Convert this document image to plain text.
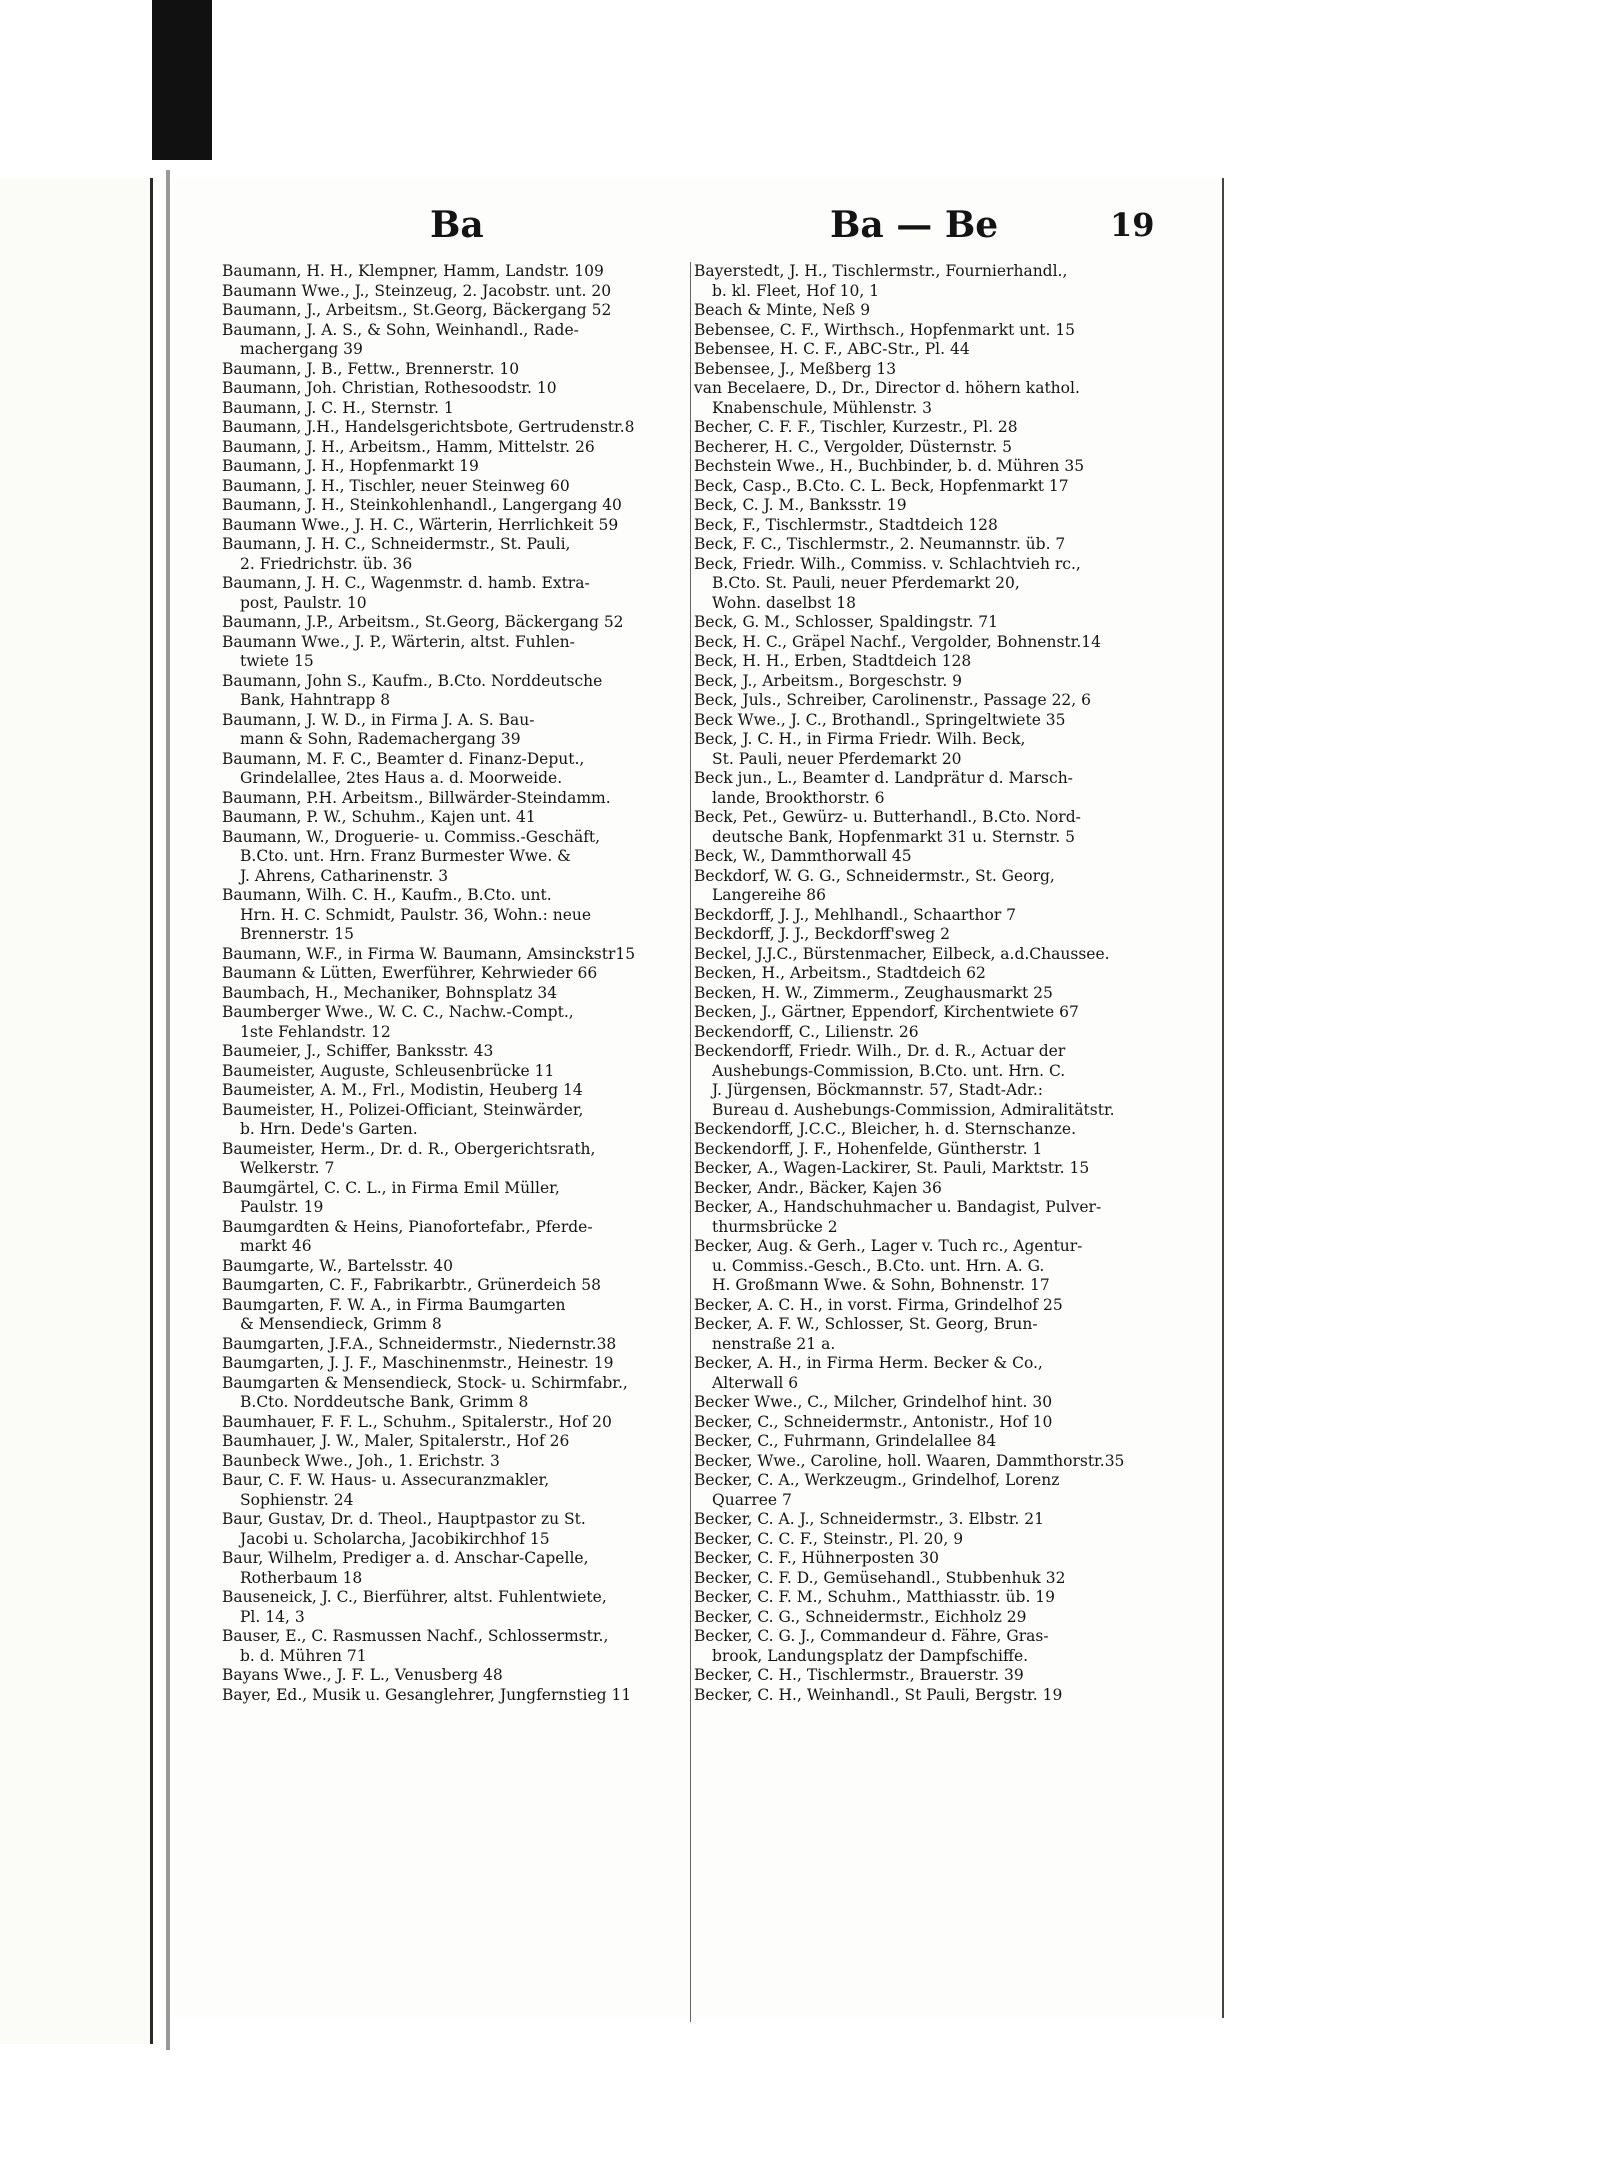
Ba	Ba — Be	19
Baumann, H. H., Klempner, Hamm, Landstr. 109
Baumann Wwe., J., Steinzeug, 2. Jacobstr. unt. 20
Baumann, J., Arbeitsm., St.Georg, Bäckergang 52
Baumann, J. A. S., & Sohn, Weinhandl., Rade-
machergang 39
Baumann, J. B., Fettw., Brennerstr. 10
Baumann, Joh. Christian, Rothesoodstr. 10
Baumann, J. C. H., Sternstr. 1
Baumann, J.H., Handelsgerichtsbote, Gertrudenstr.8
Baumann, J. H., Arbeitsm., Hamm, Mittelstr. 26
Baumann, J. H., Hopfenmarkt 19
Baumann, J. H., Tischler, neuer Steinweg 60
Baumann, J. H., Steinkohlenhandl., Langergang 40
Baumann Wwe., J. H. C., Wärterin, Herrlichkeit 59
Baumann, J. H. C., Schneidermstr., St. Pauli,
2. Friedrichstr. üb. 36
Baumann, J. H. C., Wagenmstr. d. hamb. Extra-
post, Paulstr. 10
Baumann, J.P., Arbeitsm., St.Georg, Bäckergang 52
Baumann Wwe., J. P., Wärterin, altst. Fuhlen-
twiete 15
Baumann, John S., Kaufm., B.Cto. Norddeutsche
Bank, Hahntrapp 8
Baumann, J. W. D., in Firma J. A. S. Bau-
mann & Sohn, Rademachergang 39
Baumann, M. F. C., Beamter d. Finanz-Deput.,
Grindelallee, 2tes Haus a. d. Moorweide.
Baumann, P.H. Arbeitsm., Billwärder-Steindamm.
Baumann, P. W., Schuhm., Kajen unt. 41
Baumann, W., Droguerie- u. Commiss.-Geschäft,
B.Cto. unt. Hrn. Franz Burmester Wwe. &
J. Ahrens, Catharinenstr. 3
Baumann, Wilh. C. H., Kaufm., B.Cto. unt.
Hrn. H. C. Schmidt, Paulstr. 36, Wohn.: neue
Brennerstr. 15
Baumann, W.F., in Firma W. Baumann, Amsinckstr15
Baumann & Lütten, Ewerführer, Kehrwieder 66
Baumbach, H., Mechaniker, Bohnsplatz 34
Baumberger Wwe., W. C. C., Nachw.-Compt.,
1ste Fehlandstr. 12
Baumeier, J., Schiffer, Banksstr. 43
Baumeister, Auguste, Schleusenbrücke 11
Baumeister, A. M., Frl., Modistin, Heuberg 14
Baumeister, H., Polizei-Officiant, Steinwärder,
b. Hrn. Dede's Garten.
Baumeister, Herm., Dr. d. R., Obergerichtsrath,
Welkerstr. 7
Baumgärtel, C. C. L., in Firma Emil Müller,
Paulstr. 19
Baumgardten & Heins, Pianofortefabr., Pferde-
markt 46
Baumgarte, W., Bartelsstr. 40
Baumgarten, C. F., Fabrikarbtr., Grünerdeich 58
Baumgarten, F. W. A., in Firma Baumgarten
& Mensendieck, Grimm 8
Baumgarten, J.F.A., Schneidermstr., Niedernstr.38
Baumgarten, J. J. F., Maschinenmstr., Heinestr. 19
Baumgarten & Mensendieck, Stock- u. Schirmfabr.,
B.Cto. Norddeutsche Bank, Grimm 8
Baumhauer, F. F. L., Schuhm., Spitalerstr., Hof 20
Baumhauer, J. W., Maler, Spitalerstr., Hof 26
Baunbeck Wwe., Joh., 1. Erichstr. 3
Baur, C. F. W. Haus- u. Assecuranzmakler,
Sophienstr. 24
Baur, Gustav, Dr. d. Theol., Hauptpastor zu St.
Jacobi u. Scholarcha, Jacobikirchhof 15
Baur, Wilhelm, Prediger a. d. Anschar-Capelle,
Rotherbaum 18
Bauseneick, J. C., Bierführer, altst. Fuhlentwiete,
Pl. 14, 3
Bauser, E., C. Rasmussen Nachf., Schlossermstr.,
b. d. Mühren 71
Bayans Wwe., J. F. L., Venusberg 48
Bayer, Ed., Musik u. Gesanglehrer, Jungfernstieg 11
Bayerstedt, J. H., Tischlermstr., Fournierhandl.,
b. kl. Fleet, Hof 10, 1
Beach & Minte, Neß 9
Bebensee, C. F., Wirthsch., Hopfenmarkt unt. 15
Bebensee, H. C. F., ABC-Str., Pl. 44
Bebensee, J., Meßberg 13
van Becelaere, D., Dr., Director d. höhern kathol.
Knabenschule, Mühlenstr. 3
Becher, C. F. F., Tischler, Kurzestr., Pl. 28
Becherer, H. C., Vergolder, Düsternstr. 5
Bechstein Wwe., H., Buchbinder, b. d. Mühren 35
Beck, Casp., B.Cto. C. L. Beck, Hopfenmarkt 17
Beck, C. J. M., Banksstr. 19
Beck, F., Tischlermstr., Stadtdeich 128
Beck, F. C., Tischlermstr., 2. Neumannstr. üb. 7
Beck, Friedr. Wilh., Commiss. v. Schlachtvieh rc.,
B.Cto. St. Pauli, neuer Pferdemarkt 20,
Wohn. daselbst 18
Beck, G. M., Schlosser, Spaldingstr. 71
Beck, H. C., Gräpel Nachf., Vergolder, Bohnenstr.14
Beck, H. H., Erben, Stadtdeich 128
Beck, J., Arbeitsm., Borgeschstr. 9
Beck, Juls., Schreiber, Carolinenstr., Passage 22, 6
Beck Wwe., J. C., Brothandl., Springeltwiete 35
Beck, J. C. H., in Firma Friedr. Wilh. Beck,
St. Pauli, neuer Pferdemarkt 20
Beck jun., L., Beamter d. Landprätur d. Marsch-
lande, Brookthorstr. 6
Beck, Pet., Gewürz- u. Butterhandl., B.Cto. Nord-
deutsche Bank, Hopfenmarkt 31 u. Sternstr. 5
Beck, W., Dammthorwall 45
Beckdorf, W. G. G., Schneidermstr., St. Georg,
Langereihe 86
Beckdorff, J. J., Mehlhandl., Schaarthor 7
Beckdorff, J. J., Beckdorff'sweg 2
Beckel, J.J.C., Bürstenmacher, Eilbeck, a.d.Chaussee.
Becken, H., Arbeitsm., Stadtdeich 62
Becken, H. W., Zimmerm., Zeughausmarkt 25
Becken, J., Gärtner, Eppendorf, Kirchentwiete 67
Beckendorff, C., Lilienstr. 26
Beckendorff, Friedr. Wilh., Dr. d. R., Actuar der
Aushebungs-Commission, B.Cto. unt. Hrn. C.
J. Jürgensen, Böckmannstr. 57, Stadt-Adr.:
Bureau d. Aushebungs-Commission, Admiralitätstr.
Beckendorff, J.C.C., Bleicher, h. d. Sternschanze.
Beckendorff, J. F., Hohenfelde, Güntherstr. 1
Becker, A., Wagen-Lackirer, St. Pauli, Marktstr. 15
Becker, Andr., Bäcker, Kajen 36
Becker, A., Handschuhmacher u. Bandagist, Pulver-
thurmsbrücke 2
Becker, Aug. & Gerh., Lager v. Tuch rc., Agentur-
u. Commiss.-Gesch., B.Cto. unt. Hrn. A. G.
H. Großmann Wwe. & Sohn, Bohnenstr. 17
Becker, A. C. H., in vorst. Firma, Grindelhof 25
Becker, A. F. W., Schlosser, St. Georg, Brun-
nenstraße 21 a.
Becker, A. H., in Firma Herm. Becker & Co.,
Alterwall 6
Becker Wwe., C., Milcher, Grindelhof hint. 30
Becker, C., Schneidermstr., Antonistr., Hof 10
Becker, C., Fuhrmann, Grindelallee 84
Becker, Wwe., Caroline, holl. Waaren, Dammthorstr.35
Becker, C. A., Werkzeugm., Grindelhof, Lorenz
Quarree 7
Becker, C. A. J., Schneidermstr., 3. Elbstr. 21
Becker, C. C. F., Steinstr., Pl. 20, 9
Becker, C. F., Hühnerposten 30
Becker, C. F. D., Gemüsehandl., Stubbenhuk 32
Becker, C. F. M., Schuhm., Matthiasstr. üb. 19
Becker, C. G., Schneidermstr., Eichholz 29
Becker, C. G. J., Commandeur d. Fähre, Gras-
brook, Landungsplatz der Dampfschiffe.
Becker, C. H., Tischlermstr., Brauerstr. 39
Becker, C. H., Weinhandl., St Pauli, Bergstr. 19
